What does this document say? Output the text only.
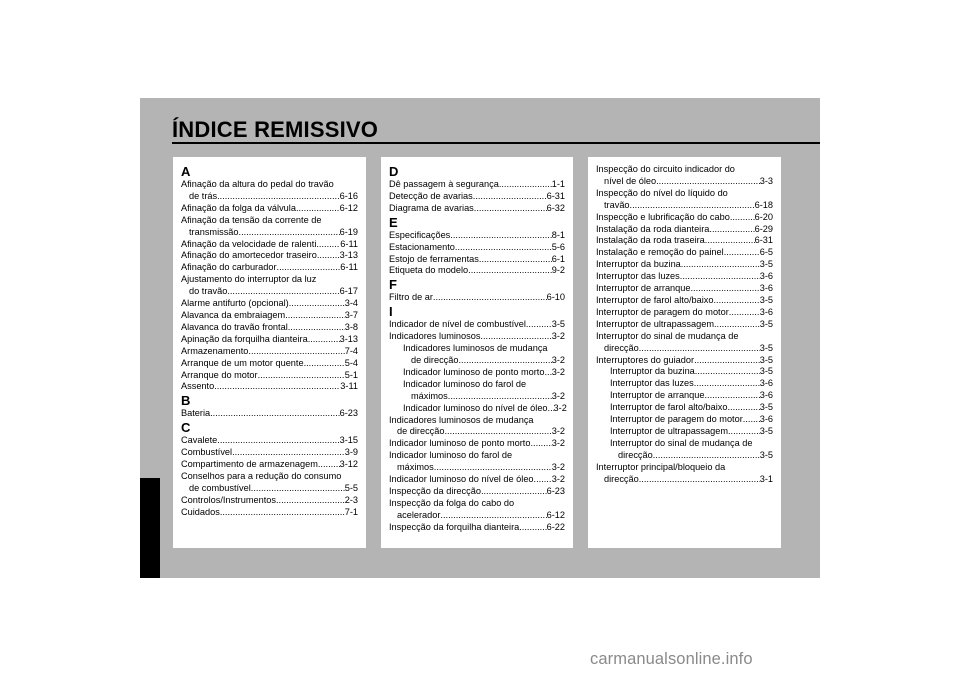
ÍNDICE REMISSIVO
A
Afinação da altura do pedal do travão
de trás .....	6-16
Afinação da folga da válvula .....	6-12
Afinação da tensão da corrente de
transmissão .....	6-19
Afinação da velocidade de ralenti .....	6-11
Afinação do amortecedor traseiro ..... 3-13
Afinação do carburador .....	6-11
Ajustamento do interruptor da luz
do travão .....	6-17
Alarme antifurto (opcional) .....	3-4
Alavanca da embraiagem .....	3-7
Alavanca do travão frontal .....	3-8
Apinação da forquilha dianteira .....	3-13
Armazenamento .....	7-4
Arranque de um motor quente .....	5-4
Arranque do motor .....	5-1
Assento .....	3-11
B
Bateria .....	6-23
C
Cavalete .....	3-15
Combustível .....	3-9
Compartimento de armazenagem ..... 3-12
Conselhos para a redução do consumo
de combustível .....	5-5
Controlos/Instrumentos .....	2-3
Cuidados .....	7-1
D
Dê passagem à segurança .....	1-1
Detecção de avarias .....	6-31
Diagrama de avarias .....	6-32
E
Especificações .....	8-1
Estacionamento .....	5-6
Estojo de ferramentas .....	6-1
Etiqueta do modelo .....	9-2
F
Filtro de ar .....	6-10
I
Indicador de nível de combustível .....	3-5
Indicadores luminosos .....	3-2
Indicadores luminosos de mudança
de direcção .....	3-2
Indicador luminoso de ponto morto ..... 3-2
Indicador luminoso do farol de
máximos .....	3-2
Indicador luminoso do nível de óleo ..... 3-2
Indicadores luminosos de mudança
de direcção .....	3-2
Indicador luminoso de ponto morto ..... 3-2
Indicador luminoso do farol de
máximos .....	3-2
Indicador luminoso do nível de óleo ..... 3-2
Inspecção da direcção .....	6-23
Inspecção da folga do cabo do
acelerador .....	6-12
Inspecção da forquilha dianteira .....	6-22
Inspecção do circuito indicador do
nível de óleo .....	3-3
Inspecção do nível do líquido do
travão .....	6-18
Inspecção e lubrificação do cabo .....	6-20
Instalação da roda dianteira .....	6-29
Instalação da roda traseira .....	6-31
Instalação e remoção do painel .....	6-5
Interruptor da buzina .....	3-5
Interruptor das luzes .....	3-6
Interruptor de arranque .....	3-6
Interruptor de farol alto/baixo .....	3-5
Interruptor de paragem do motor .....	3-6
Interruptor de ultrapassagem .....	3-5
Interruptor do sinal de mudança de
direcção .....	3-5
Interruptores do guiador .....	3-5
Interruptor da buzina .....	3-5
Interruptor das luzes .....	3-6
Interruptor de arranque .....	3-6
Interruptor de farol alto/baixo .....	3-5
Interruptor de paragem do motor ..... 3-6
Interruptor de ultrapassagem .....	3-5
Interruptor do sinal de mudança de
direcção .....	3-5
Interruptor principal/bloqueio da
direcção .....	3-1
carmanualsonline.info
